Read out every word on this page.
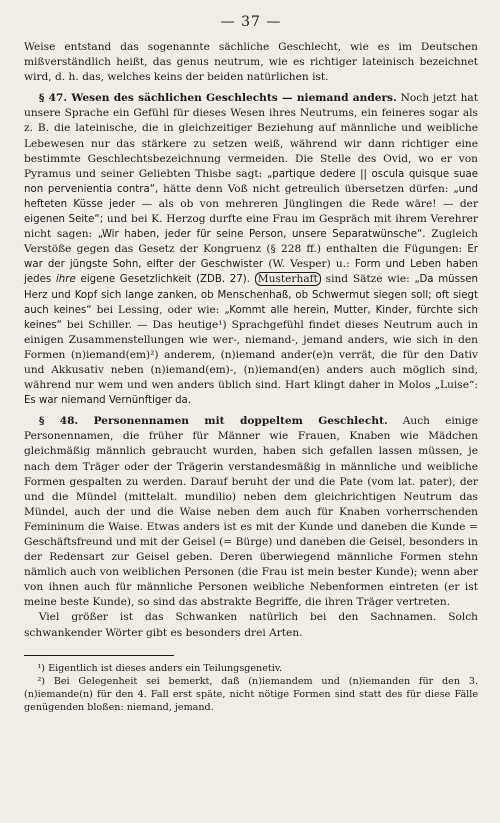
— 37 —

Weise entstand das sogenannte sächliche Geschlecht, wie es im Deutschen mißverständlich heißt, das genus neutrum, wie es richtiger lateinisch bezeichnet wird, d. h. das, welches keins der beiden natürlichen ist.

§ 47. Wesen des sächlichen Geschlechts — niemand anders. Noch jetzt hat unsere Sprache ein Gefühl für dieses Wesen ihres Neutrums, ein feineres sogar als z. B. die lateinische, die in gleichzeitiger Beziehung auf männliche und weibliche Lebewesen nur das stärkere zu setzen weiß, während wir dann richtiger eine bestimmte Geschlechtsbezeichnung vermeiden. Die Stelle des Ovid, wo er von Pyramus und seiner Geliebten Thisbe sagt: „partique dedere || oscula quisque suae non pervenientia contra“, hätte denn Voß nicht getreulich übersetzen dürfen: „und hefteten Küsse jeder — als ob von mehreren Jünglingen die Rede wäre! — der eigenen Seite“; und bei K. Herzog durfte eine Frau im Gespräch mit ihrem Verehrer nicht sagen: „Wir haben, jeder für seine Person, unsere Separatwünsche“. Zugleich Verstöße gegen das Gesetz der Kongruenz (§ 228 ff.) enthalten die Fügungen: Er war der jüngste Sohn, elfter der Geschwister (W. Vesper) u.: Form und Leben haben jedes ihre eigene Gesetzlichkeit (ZDB. 27). Musterhaft sind Sätze wie: „Da müssen Herz und Kopf sich lange zanken, ob Menschenhaß, ob Schwermut siegen soll; oft siegt auch keines“ bei Lessing, oder wie: „Kommt alle herein, Mutter, Kinder, fürchte sich keines“ bei Schiller. — Das heutige¹) Sprachgefühl findet dieses Neutrum auch in einigen Zusammenstellungen wie wer-, niemand-, jemand anders, wie sich in den Formen (n)iemand(em)²) anderem, (n)iemand ander(e)n verrät, die für den Dativ und Akkusativ neben (n)iemand(em)-, (n)iemand(en) anders auch möglich sind, während nur wem und wen anders üblich sind. Hart klingt daher in Molos „Luise“: Es war niemand Vernünftiger da.

§ 48. Personennamen mit doppeltem Geschlecht. Auch einige Personennamen, die früher für Männer wie Frauen, Knaben wie Mädchen gleichmäßig männlich gebraucht wurden, haben sich gefallen lassen müssen, je nach dem Träger oder der Trägerin verstandesmäßig in männliche und weibliche Formen gespalten zu werden. Darauf beruht der und die Pate (vom lat. pater), der und die Mündel (mittelalt. mundilio) neben dem gleichrichtigen Neutrum das Mündel, auch der und die Waise neben dem auch für Knaben vorherrschenden Femininum die Waise. Etwas anders ist es mit der Kunde und daneben die Kunde = Geschäftsfreund und mit der Geisel (= Bürge) und daneben die Geisel, besonders in der Redensart zur Geisel geben. Deren überwiegend männliche Formen stehn nämlich auch von weiblichen Personen (die Frau ist mein bester Kunde); wenn aber von ihnen auch für männliche Personen weibliche Nebenformen eintreten (er ist meine beste Kunde), so sind das abstrakte Begriffe, die ihren Träger vertreten.

Viel größer ist das Schwanken natürlich bei den Sachnamen. Solch schwankender Wörter gibt es besonders drei Arten.

¹) Eigentlich ist dieses anders ein Teilungsgenetiv.

²) Bei Gelegenheit sei bemerkt, daß (n)iemandem und (n)iemanden für den 3. (n)iemande(n) für den 4. Fall erst späte, nicht nötige Formen sind statt des für diese Fälle genügenden bloßen: niemand, jemand.
